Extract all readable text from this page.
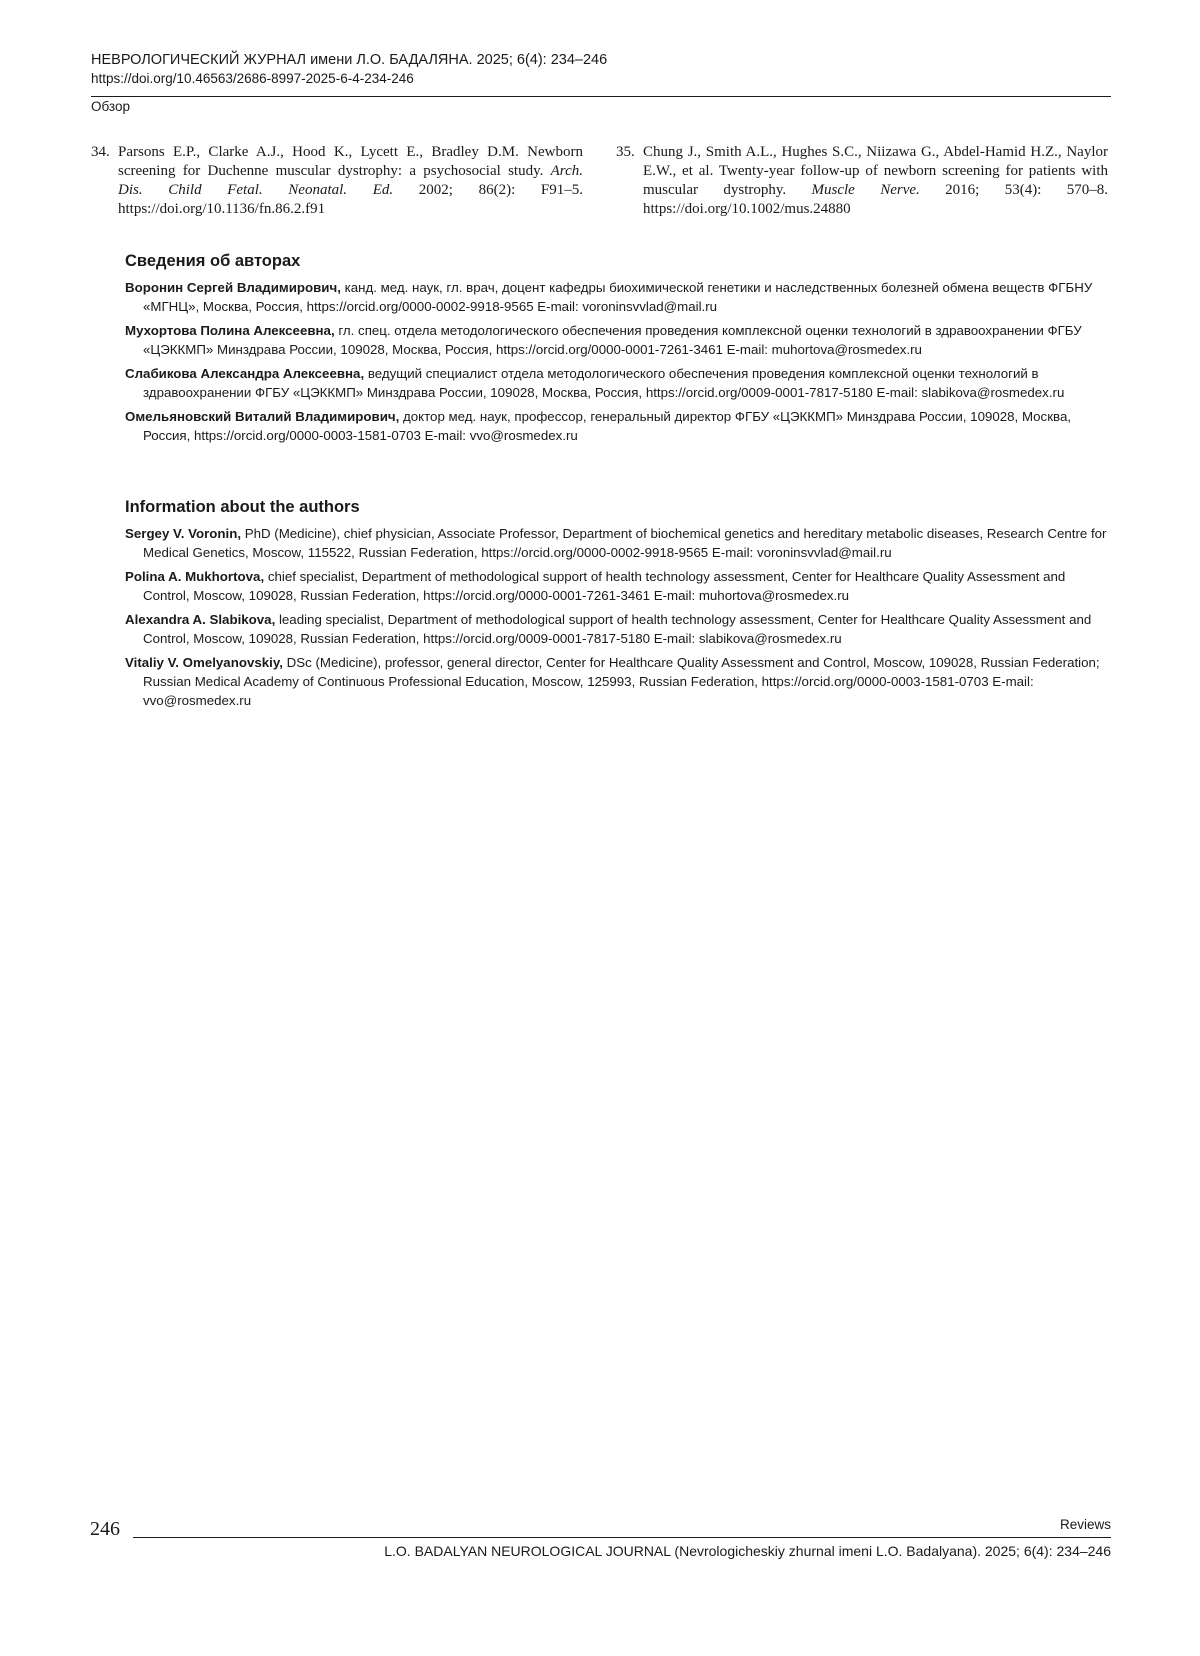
НЕВРОЛОГИЧЕСКИЙ ЖУРНАЛ имени Л.О. БАДАЛЯНА. 2025; 6(4): 234–246
https://doi.org/10.46563/2686-8997-2025-6-4-234-246
Обзор
34. Parsons E.P., Clarke A.J., Hood K., Lycett E., Bradley D.M. Newborn screening for Duchenne muscular dystrophy: a psychosocial study. Arch. Dis. Child Fetal. Neonatal. Ed. 2002; 86(2): F91–5. https://doi.org/10.1136/fn.86.2.f91
35. Chung J., Smith A.L., Hughes S.C., Niizawa G., Abdel-Hamid H.Z., Naylor E.W., et al. Twenty-year follow-up of newborn screening for patients with muscular dystrophy. Muscle Nerve. 2016; 53(4): 570–8. https://doi.org/10.1002/mus.24880
Сведения об авторах
Воронин Сергей Владимирович, канд. мед. наук, гл. врач, доцент кафедры биохимической генетики и наследственных болезней обмена веществ ФГБНУ «МГНЦ», Москва, Россия, https://orcid.org/0000-0002-9918-9565 E-mail: voroninsvvlad@mail.ru
Мухортова Полина Алексеевна, гл. спец. отдела методологического обеспечения проведения комплексной оценки технологий в здравоохранении ФГБУ «ЦЭККМП» Минздрава России, 109028, Москва, Россия, https://orcid.org/0000-0001-7261-3461 E-mail: muhortova@rosmedex.ru
Слабикова Александра Алексеевна, ведущий специалист отдела методологического обеспечения проведения комплексной оценки технологий в здравоохранении ФГБУ «ЦЭККМП» Минздрава России, 109028, Москва, Россия, https://orcid.org/0009-0001-7817-5180 E-mail: slabikova@rosmedex.ru
Омельяновский Виталий Владимирович, доктор мед. наук, профессор, генеральный директор ФГБУ «ЦЭККМП» Минздрава России, 109028, Москва, Россия, https://orcid.org/0000-0003-1581-0703 E-mail: vvo@rosmedex.ru
Information about the authors
Sergey V. Voronin, PhD (Medicine), chief physician, Associate Professor, Department of biochemical genetics and hereditary metabolic diseases, Research Centre for Medical Genetics, Moscow, 115522, Russian Federation, https://orcid.org/0000-0002-9918-9565 E-mail: voroninsvvlad@mail.ru
Polina A. Mukhortova, chief specialist, Department of methodological support of health technology assessment, Center for Healthcare Quality Assessment and Control, Moscow, 109028, Russian Federation, https://orcid.org/0000-0001-7261-3461 E-mail: muhortova@rosmedex.ru
Alexandra A. Slabikova, leading specialist, Department of methodological support of health technology assessment, Center for Healthcare Quality Assessment and Control, Moscow, 109028, Russian Federation, https://orcid.org/0009-0001-7817-5180 E-mail: slabikova@rosmedex.ru
Vitaliy V. Omelyanovskiy, DSc (Medicine), professor, general director, Center for Healthcare Quality Assessment and Control, Moscow, 109028, Russian Federation; Russian Medical Academy of Continuous Professional Education, Moscow, 125993, Russian Federation, https://orcid.org/0000-0003-1581-0703 E-mail: vvo@rosmedex.ru
246	Reviews
L.O. BADALYAN NEUROLOGICAL JOURNAL (Nevrologicheskiy zhurnal imeni L.O. Badalyana). 2025; 6(4): 234–246
